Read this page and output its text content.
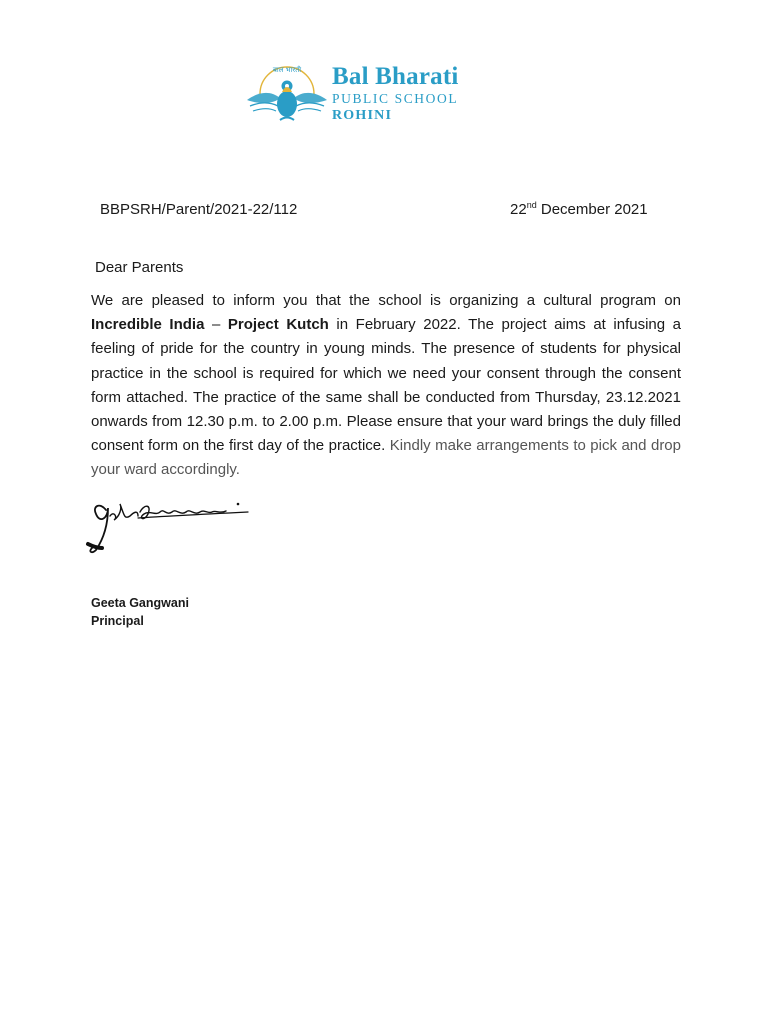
बाल भारती Bal Bharati
PUBLIC SCHOOL
ROHINI
BBPSRH/Parent/2021-22/112	22nd December 2021
Dear Parents
We are pleased to inform you that the school is organizing a cultural program on Incredible India – Project Kutch in February 2022. The project aims at infusing a feeling of pride for the country in young minds. The presence of students for physical practice in the school is required for which we need your consent through the consent form attached. The practice of the same shall be conducted from Thursday, 23.12.2021 onwards from 12.30 p.m. to 2.00 p.m. Please ensure that your ward brings the duly filled consent form on the first day of the practice. Kindly make arrangements to pick and drop your ward accordingly.
Geeta Gangwani
Principal
